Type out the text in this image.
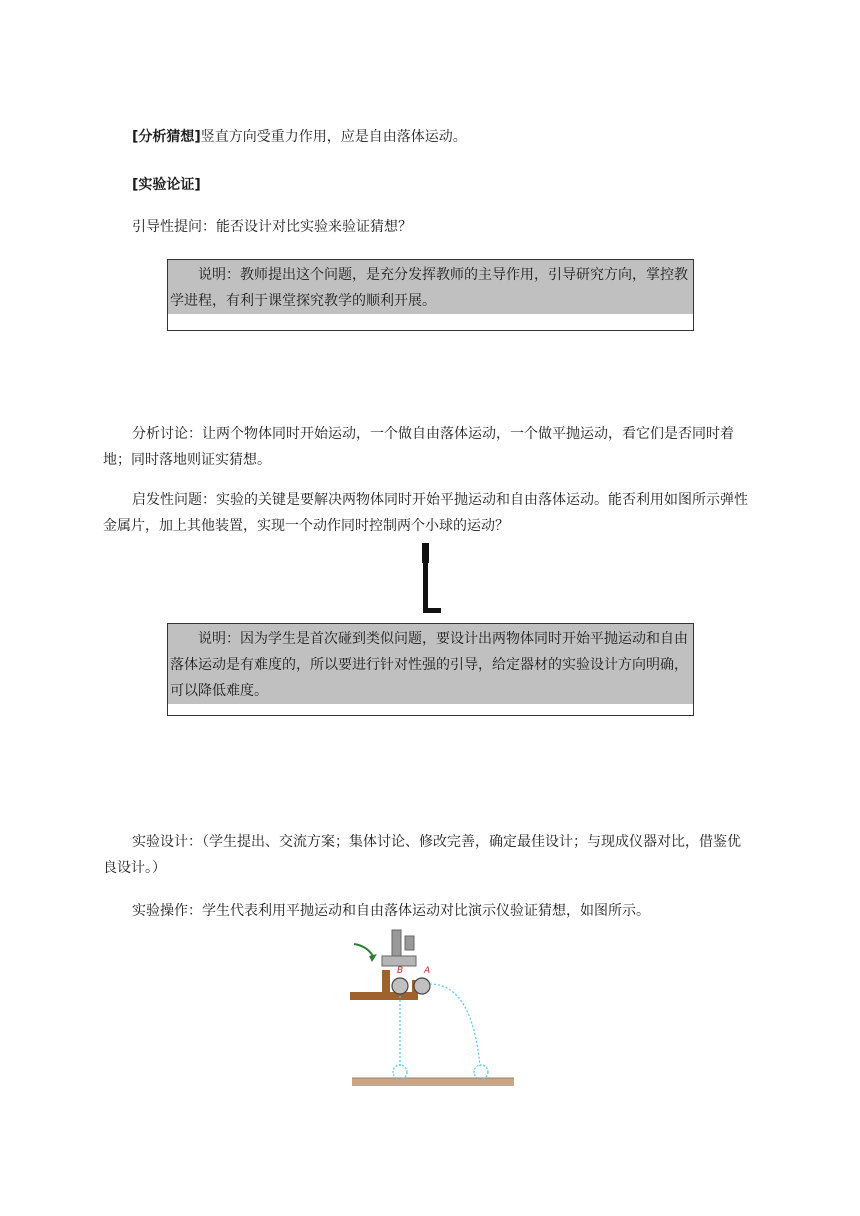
[分析猜想]竖直方向受重力作用，应是自由落体运动。
[实验论证]
引导性提问：能否设计对比实验来验证猜想？
说明：教师提出这个问题，是充分发挥教师的主导作用，引导研究方向，掌控教学进程，有利于课堂探究教学的顺利开展。
分析讨论：让两个物体同时开始运动，一个做自由落体运动，一个做平抛运动，看它们是否同时着地；同时落地则证实猜想。
启发性问题：实验的关键是要解决两物体同时开始平抛运动和自由落体运动。能否利用如图所示弹性金属片，加上其他装置，实现一个动作同时控制两个小球的运动？
说明：因为学生是首次碰到类似问题，要设计出两物体同时开始平抛运动和自由落体运动是有难度的，所以要进行针对性强的引导，给定器材的实验设计方向明确，可以降低难度。
实验设计：（学生提出、交流方案；集体讨论、修改完善，确定最佳设计；与现成仪器对比，借鉴优良设计。）
实验操作：学生代表利用平抛运动和自由落体运动对比演示仪验证猜想，如图所示。
B A
